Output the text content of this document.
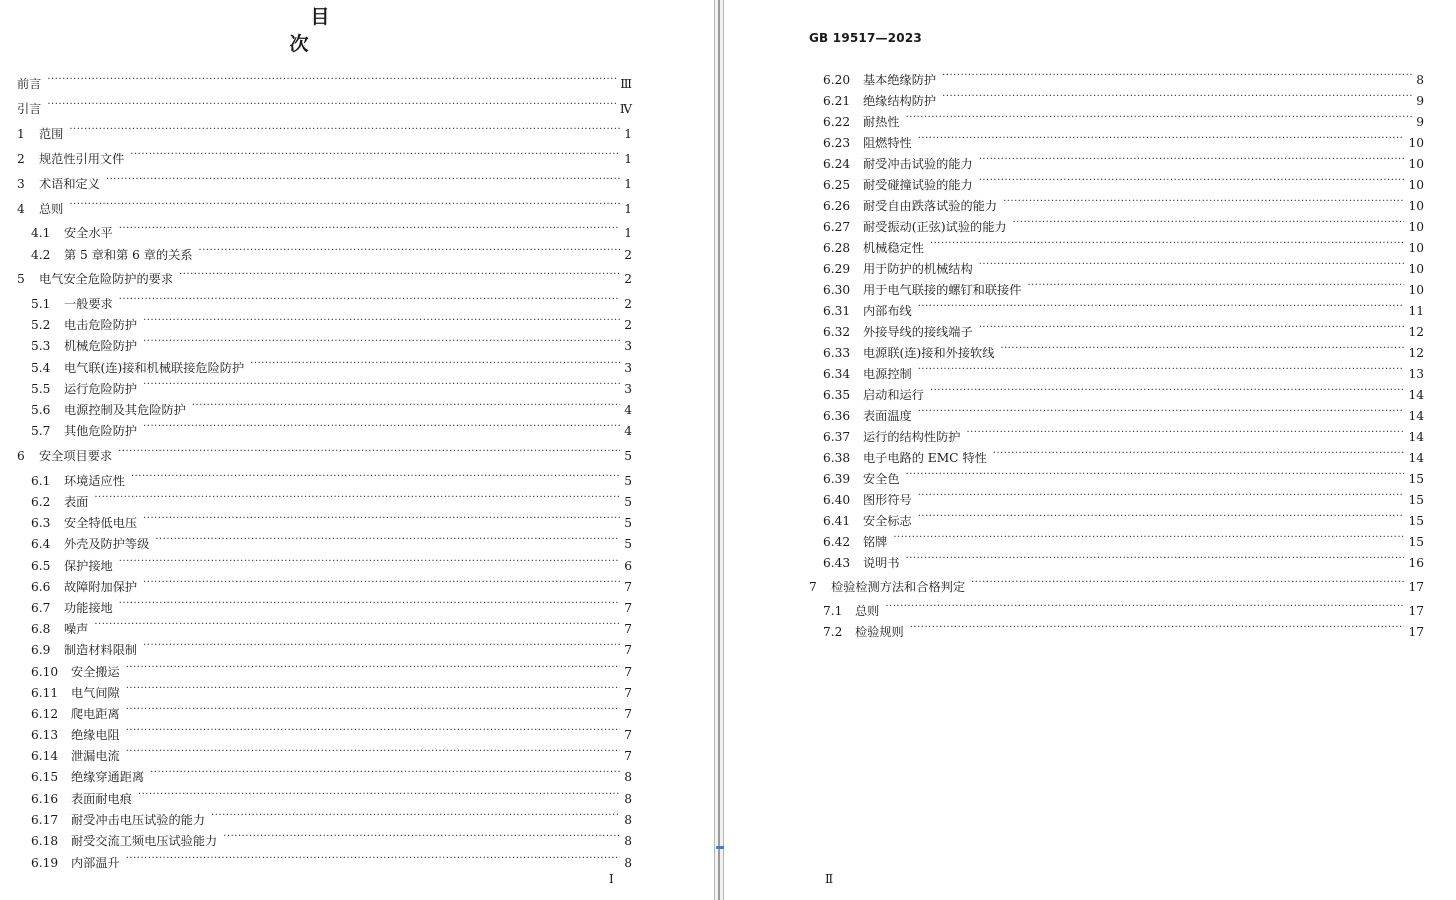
目　次
前言 ·····	Ⅲ
引言 ·····	Ⅳ
1	范围 ·····	1
2	规范性引用文件 ·····	1
3	术语和定义 ·····	1
4	总则 ·····	1
4.1	安全水平 ·····	1
4.2	第 5 章和第 6 章的关系 ·····	2
5	电气安全危险防护的要求 ·····	2
5.1	一般要求 ·····	2
5.2	电击危险防护 ·····	2
5.3	机械危险防护 ·····	3
5.4	电气联(连)接和机械联接危险防护 ·····	3
5.5	运行危险防护 ·····	3
5.6	电源控制及其危险防护 ·····	4
5.7	其他危险防护 ·····	4
6	安全项目要求 ·····	5
6.1	环境适应性 ·····	5
6.2	表面 ·····	5
6.3	安全特低电压 ·····	5
6.4	外壳及防护等级 ·····	5
6.5	保护接地 ·····	6
6.6	故障附加保护 ·····	7
6.7	功能接地 ·····	7
6.8	噪声 ·····	7
6.9	制造材料限制 ·····	7
6.10	安全搬运 ·····	7
6.11	电气间隙 ·····	7
6.12	爬电距离 ·····	7
6.13	绝缘电阻 ·····	7
6.14	泄漏电流 ·····	7
6.15	绝缘穿通距离 ·····	8
6.16	表面耐电痕 ·····	8
6.17	耐受冲击电压试验的能力 ·····	8
6.18	耐受交流工频电压试验能力 ·····	8
6.19	内部温升 ·····	8
Ⅰ
GB 19517—2023
6.20	基本绝缘防护 ·····	8
6.21	绝缘结构防护 ·····	9
6.22	耐热性 ·····	9
6.23	阻燃特性 ·····	10
6.24	耐受冲击试验的能力 ·····	10
6.25	耐受碰撞试验的能力 ·····	10
6.26	耐受自由跌落试验的能力 ·····	10
6.27	耐受振动(正弦)试验的能力 ·····	10
6.28	机械稳定性 ·····	10
6.29	用于防护的机械结构 ·····	10
6.30	用于电气联接的螺钉和联接件 ·····	10
6.31	内部布线 ·····	11
6.32	外接导线的接线端子 ·····	12
6.33	电源联(连)接和外接软线 ·····	12
6.34	电源控制 ·····	13
6.35	启动和运行 ·····	14
6.36	表面温度 ·····	14
6.37	运行的结构性防护 ·····	14
6.38	电子电路的 EMC 特性 ·····	14
6.39	安全色 ·····	15
6.40	图形符号 ·····	15
6.41	安全标志 ·····	15
6.42	铭牌 ·····	15
6.43	说明书 ·····	16
7	检验检测方法和合格判定 ·····	17
7.1	总则 ·····	17
7.2	检验规则 ·····	17
Ⅱ
